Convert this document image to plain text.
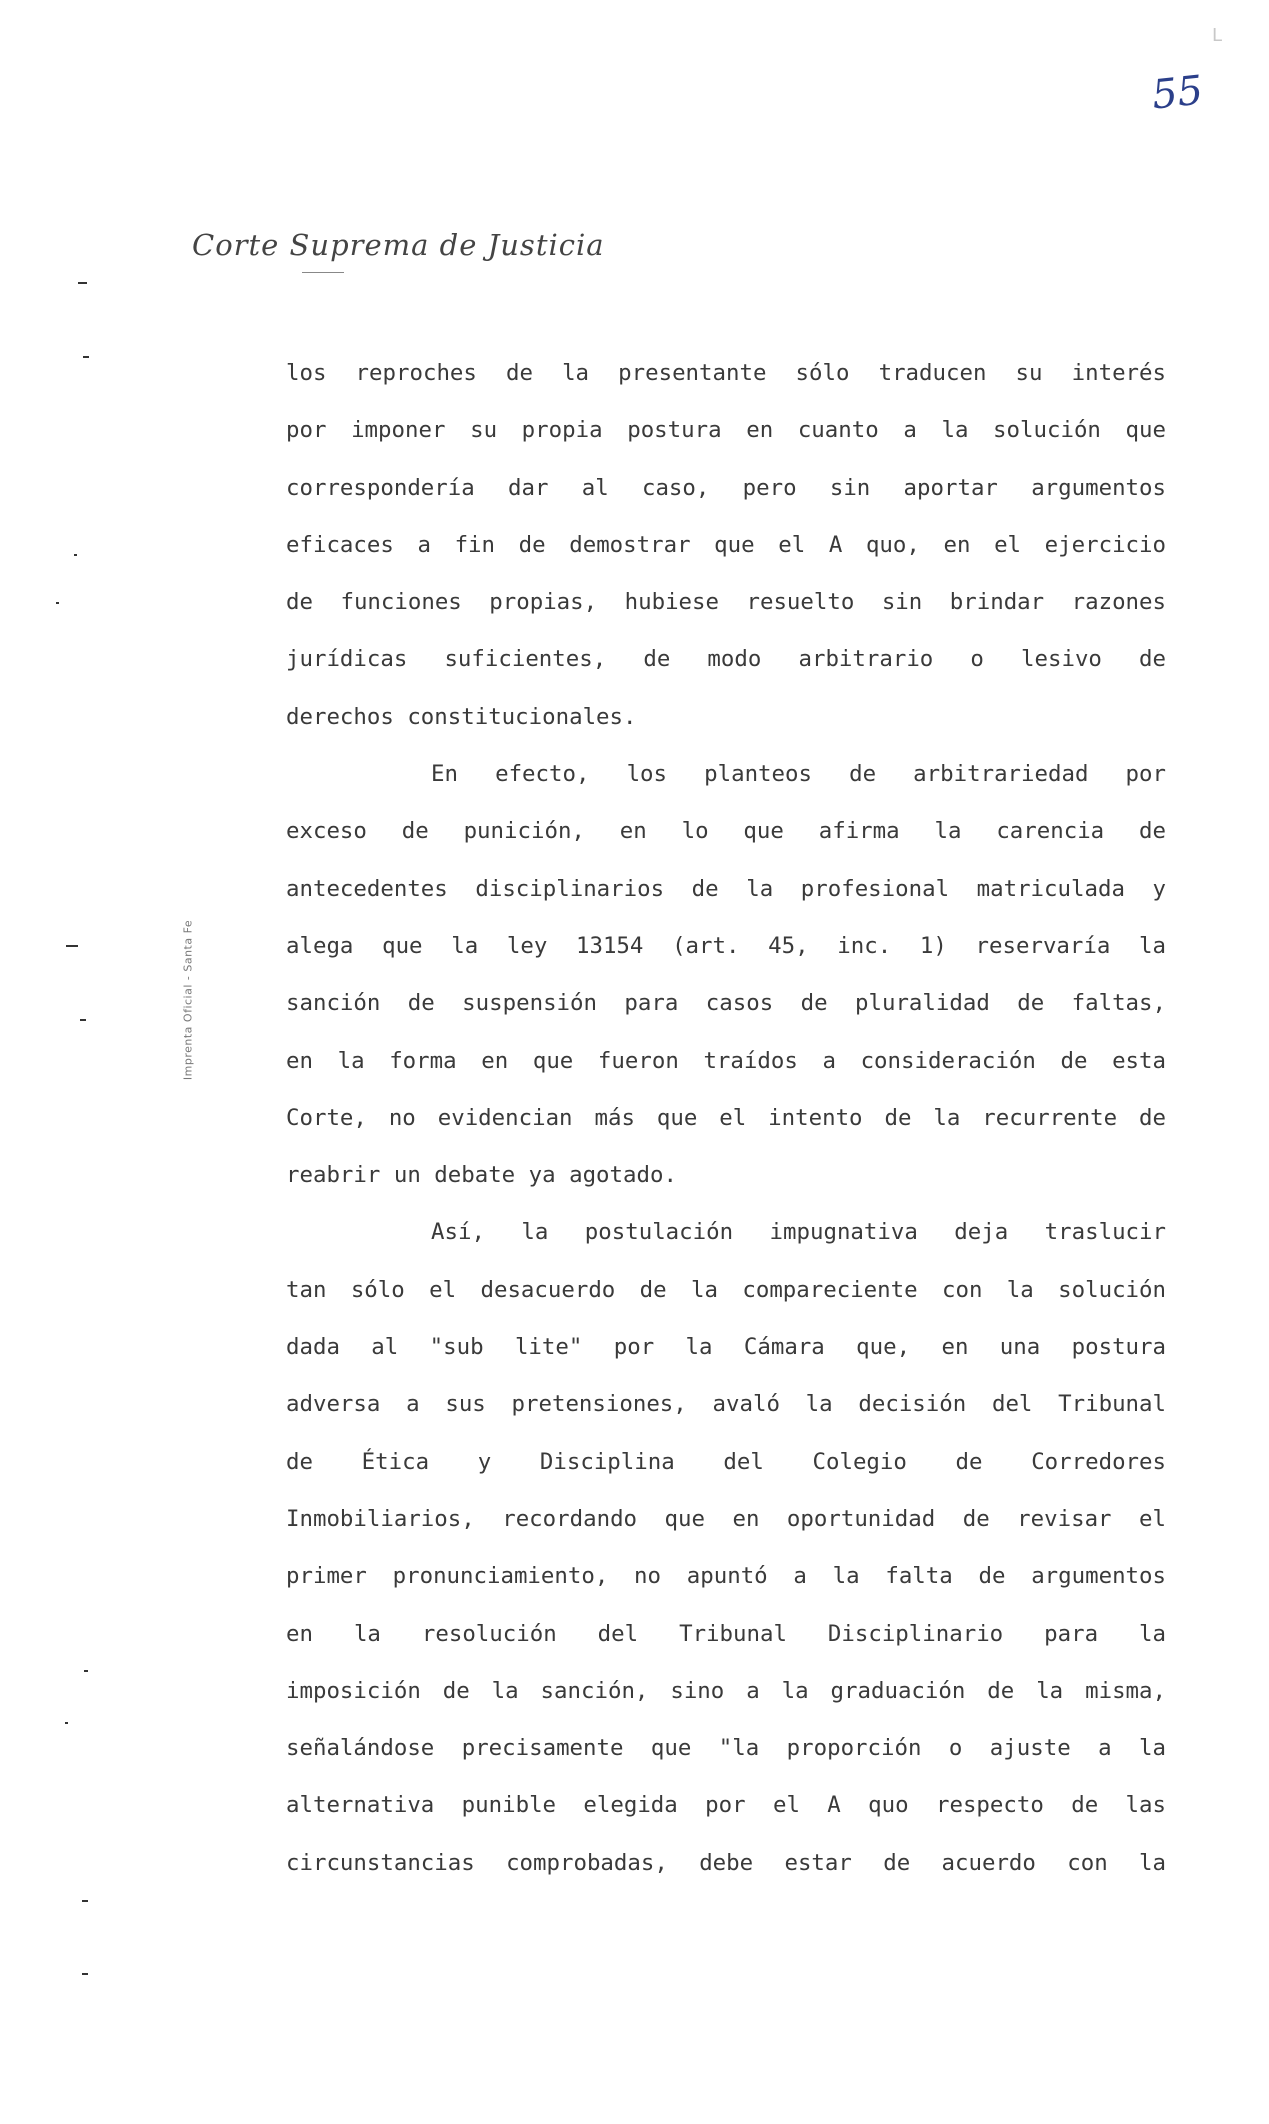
55
L
Corte Suprema de Justicia
Imprenta Oficial - Santa Fe
los reproches de la presentante sólo traducen su interés
por imponer su propia postura en cuanto a la solución que
correspondería dar al caso, pero sin aportar argumentos
eficaces a fin de demostrar que el A quo, en el ejercicio
de funciones propias, hubiese resuelto sin brindar razones
jurídicas suficientes, de modo arbitrario o lesivo de
derechos constitucionales.
En efecto, los planteos de arbitrariedad por
exceso de punición, en lo que afirma la carencia de
antecedentes disciplinarios de la profesional matriculada y
alega que la ley 13154 (art. 45, inc. 1) reservaría la
sanción de suspensión para casos de pluralidad de faltas,
en la forma en que fueron traídos a consideración de esta
Corte, no evidencian más que el intento de la recurrente de
reabrir un debate ya agotado.
Así, la postulación impugnativa deja traslucir
tan sólo el desacuerdo de la compareciente con la solución
dada al "sub lite" por la Cámara que, en una postura
adversa a sus pretensiones, avaló la decisión del Tribunal
de Ética y Disciplina del Colegio de Corredores
Inmobiliarios, recordando que en oportunidad de revisar el
primer pronunciamiento, no apuntó a la falta de argumentos
en la resolución del Tribunal Disciplinario para la
imposición de la sanción, sino a la graduación de la misma,
señalándose precisamente que "la proporción o ajuste a la
alternativa punible elegida por el A quo respecto de las
circunstancias comprobadas, debe estar de acuerdo con la
